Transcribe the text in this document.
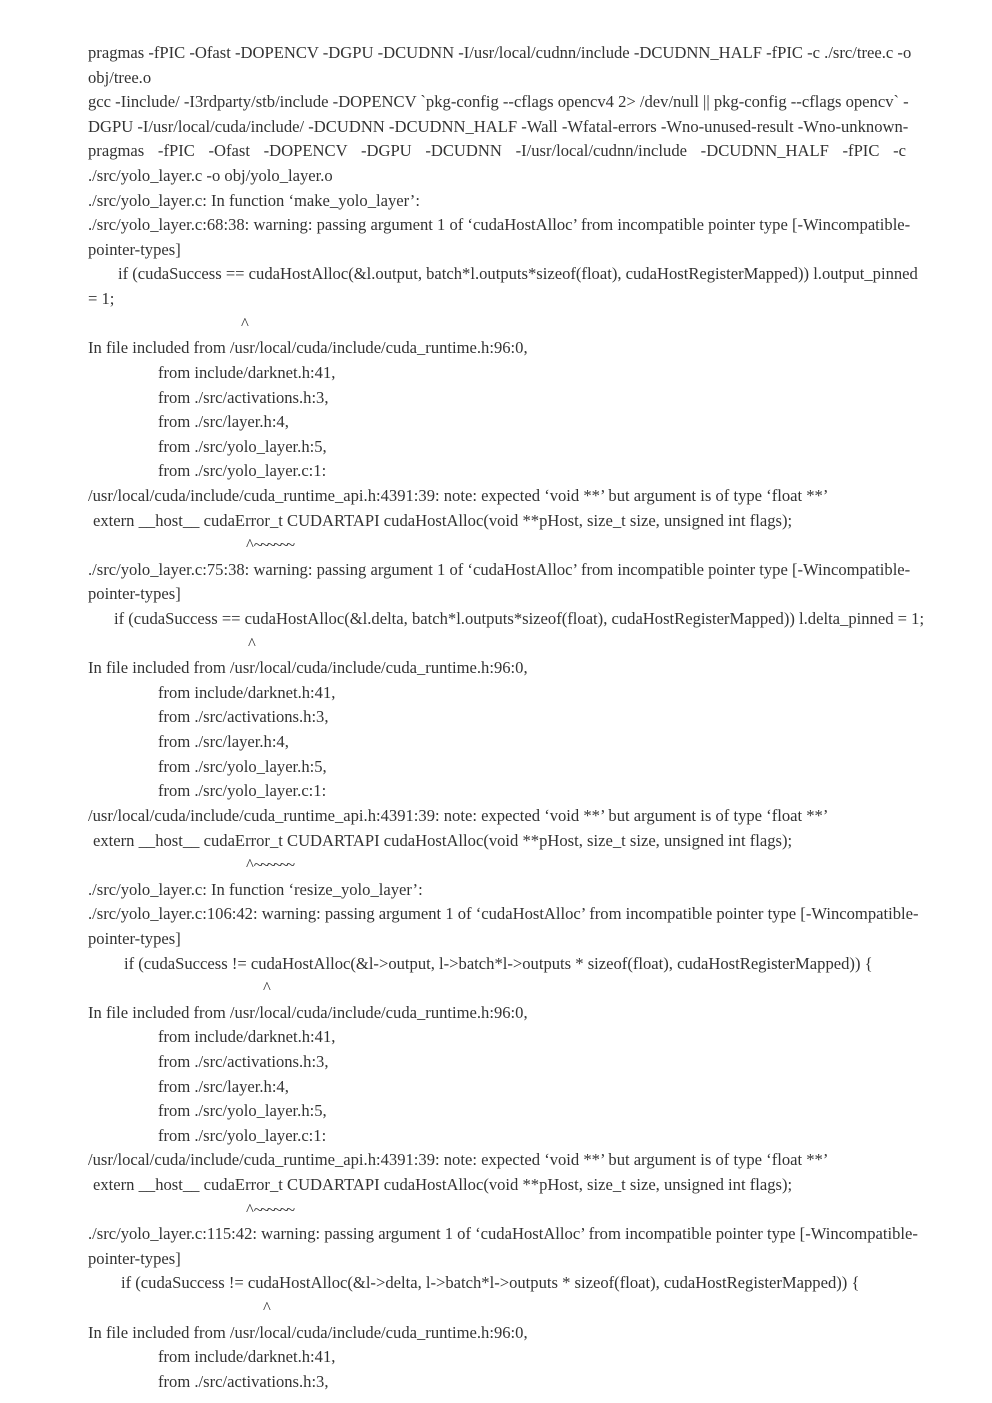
pragmas -fPIC -Ofast -DOPENCV -DGPU -DCUDNN -I/usr/local/cudnn/include -DCUDNN_HALF -fPIC -c ./src/tree.c -o
obj/tree.o
gcc -Iinclude/ -I3rdparty/stb/include -DOPENCV `pkg-config --cflags opencv4 2> /dev/null || pkg-config --cflags opencv` -
DGPU -I/usr/local/cuda/include/ -DCUDNN -DCUDNN_HALF -Wall -Wfatal-errors -Wno-unused-result -Wno-unknown-
pragmas -fPIC -Ofast -DOPENCV -DGPU -DCUDNN -I/usr/local/cudnn/include -DCUDNN_HALF -fPIC -c
./src/yolo_layer.c -o obj/yolo_layer.o
./src/yolo_layer.c: In function ‘make_yolo_layer’:
./src/yolo_layer.c:68:38: warning: passing argument 1 of ‘cudaHostAlloc’ from incompatible pointer type [-Wincompatible-
pointer-types]
if (cudaSuccess == cudaHostAlloc(&l.output, batch*l.outputs*sizeof(float), cudaHostRegisterMapped)) l.output_pinned
= 1;
^
In file included from /usr/local/cuda/include/cuda_runtime.h:96:0,
from include/darknet.h:41,
from ./src/activations.h:3,
from ./src/layer.h:4,
from ./src/yolo_layer.h:5,
from ./src/yolo_layer.c:1:
/usr/local/cuda/include/cuda_runtime_api.h:4391:39: note: expected ‘void **’ but argument is of type ‘float **’
extern __host__ cudaError_t CUDARTAPI cudaHostAlloc(void **pHost, size_t size, unsigned int flags);
^~~~~~~
./src/yolo_layer.c:75:38: warning: passing argument 1 of ‘cudaHostAlloc’ from incompatible pointer type [-Wincompatible-
pointer-types]
if (cudaSuccess == cudaHostAlloc(&l.delta, batch*l.outputs*sizeof(float), cudaHostRegisterMapped)) l.delta_pinned = 1;
^
In file included from /usr/local/cuda/include/cuda_runtime.h:96:0,
from include/darknet.h:41,
from ./src/activations.h:3,
from ./src/layer.h:4,
from ./src/yolo_layer.h:5,
from ./src/yolo_layer.c:1:
/usr/local/cuda/include/cuda_runtime_api.h:4391:39: note: expected ‘void **’ but argument is of type ‘float **’
extern __host__ cudaError_t CUDARTAPI cudaHostAlloc(void **pHost, size_t size, unsigned int flags);
^~~~~~~
./src/yolo_layer.c: In function ‘resize_yolo_layer’:
./src/yolo_layer.c:106:42: warning: passing argument 1 of ‘cudaHostAlloc’ from incompatible pointer type [-Wincompatible-
pointer-types]
if (cudaSuccess != cudaHostAlloc(&l->output, l->batch*l->outputs * sizeof(float), cudaHostRegisterMapped)) {
^
In file included from /usr/local/cuda/include/cuda_runtime.h:96:0,
from include/darknet.h:41,
from ./src/activations.h:3,
from ./src/layer.h:4,
from ./src/yolo_layer.h:5,
from ./src/yolo_layer.c:1:
/usr/local/cuda/include/cuda_runtime_api.h:4391:39: note: expected ‘void **’ but argument is of type ‘float **’
extern __host__ cudaError_t CUDARTAPI cudaHostAlloc(void **pHost, size_t size, unsigned int flags);
^~~~~~~
./src/yolo_layer.c:115:42: warning: passing argument 1 of ‘cudaHostAlloc’ from incompatible pointer type [-Wincompatible-
pointer-types]
if (cudaSuccess != cudaHostAlloc(&l->delta, l->batch*l->outputs * sizeof(float), cudaHostRegisterMapped)) {
^
In file included from /usr/local/cuda/include/cuda_runtime.h:96:0,
from include/darknet.h:41,
from ./src/activations.h:3,
